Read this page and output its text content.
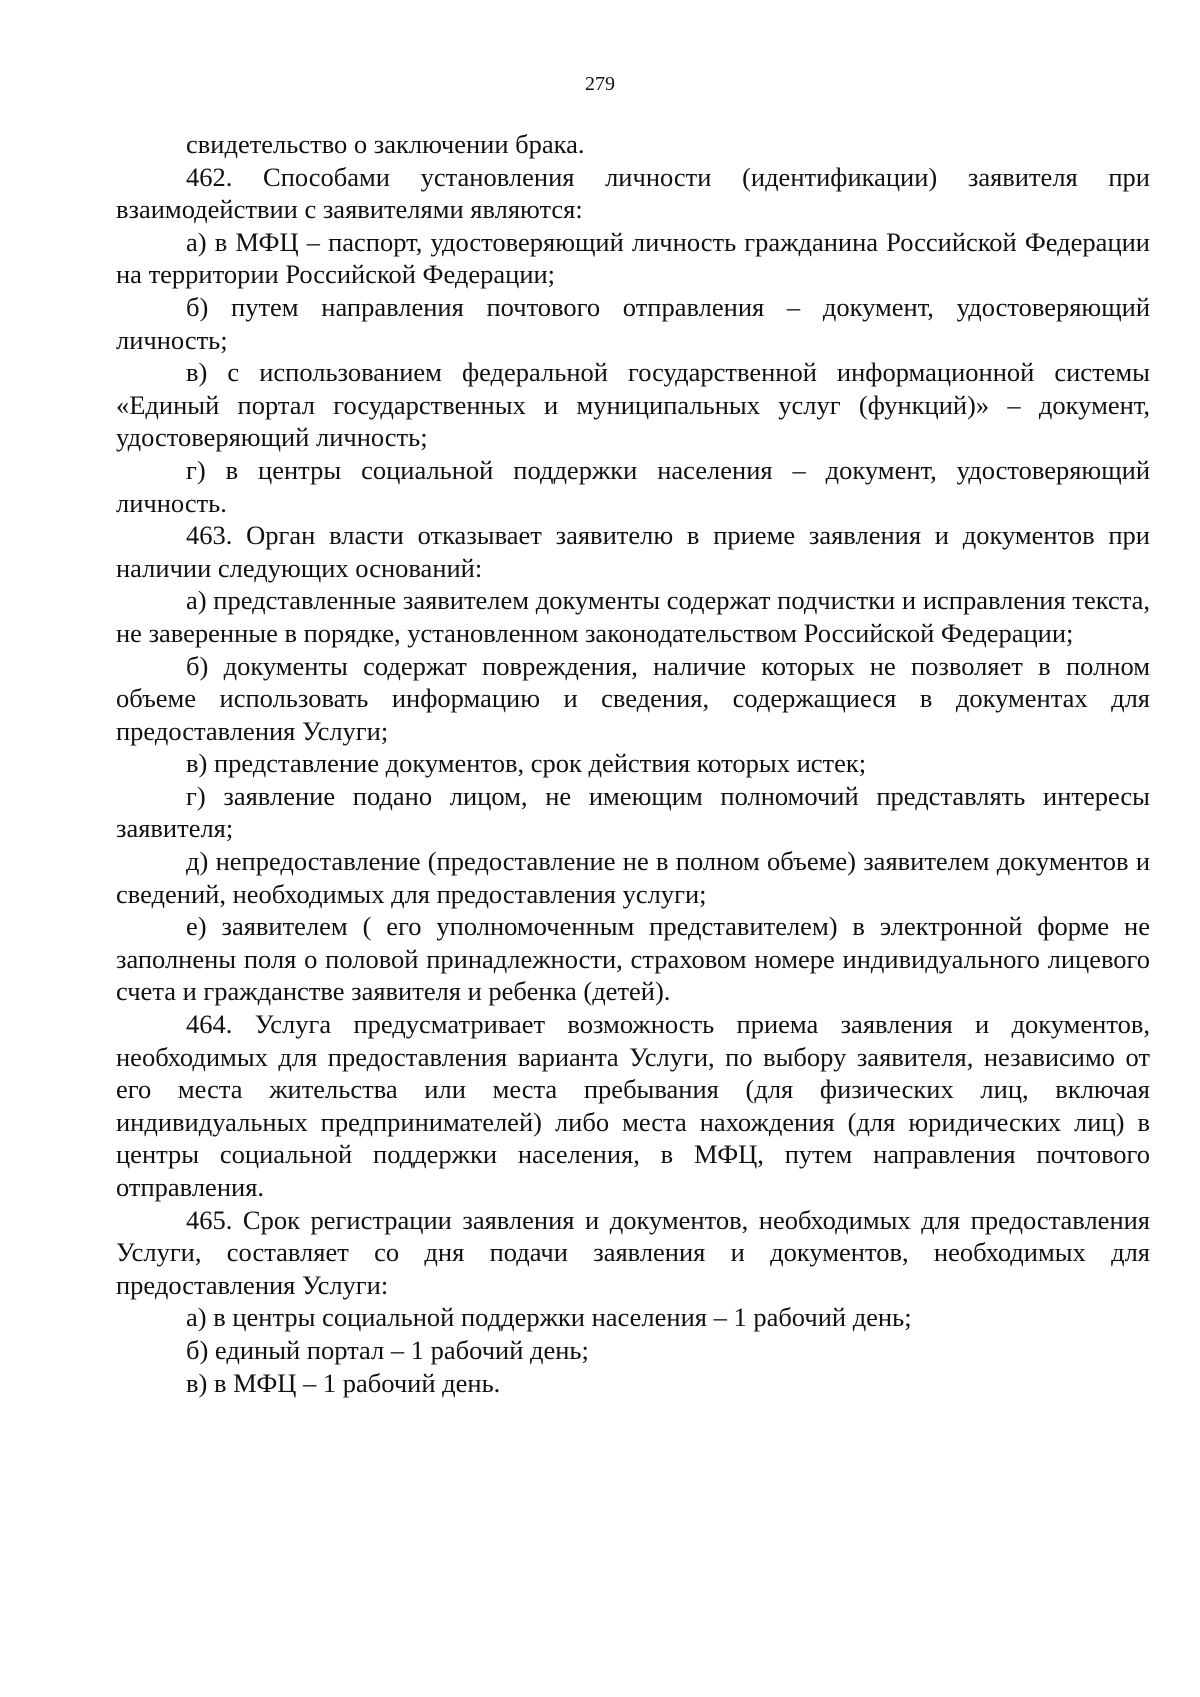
279

свидетельство о заключении брака.

462. Способами установления личности (идентификации) заявителя при взаимодействии с заявителями являются:

а) в МФЦ – паспорт, удостоверяющий личность гражданина Российской Федерации на территории Российской Федерации;

б) путем направления почтового отправления – документ, удостоверяющий личность;

в) с использованием федеральной государственной информационной системы «Единый портал государственных и муниципальных услуг (функций)» – документ, удостоверяющий личность;

г) в центры социальной поддержки населения – документ, удостоверяющий личность.

463. Орган власти отказывает заявителю в приеме заявления и документов при наличии следующих оснований:

а) представленные заявителем документы содержат подчистки и исправления текста, не заверенные в порядке, установленном законодательством Российской Федерации;

б) документы содержат повреждения, наличие которых не позволяет в полном объеме использовать информацию и сведения, содержащиеся в документах для предоставления Услуги;

в) представление документов, срок действия которых истек;

г) заявление подано лицом, не имеющим полномочий представлять интересы заявителя;

д) непредоставление (предоставление не в полном объеме) заявителем документов и сведений, необходимых для предоставления услуги;

е) заявителем ( его уполномоченным представителем) в электронной форме не заполнены поля о половой принадлежности, страховом номере индивидуального лицевого счета и гражданстве заявителя и ребенка (детей).

464. Услуга предусматривает возможность приема заявления и документов, необходимых для предоставления варианта Услуги, по выбору заявителя, независимо от его места жительства или места пребывания (для физических лиц, включая индивидуальных предпринимателей) либо места нахождения (для юридических лиц) в центры социальной поддержки населения, в МФЦ, путем направления почтового отправления.

465. Срок регистрации заявления и документов, необходимых для предоставления Услуги, составляет со дня подачи заявления и документов, необходимых для предоставления Услуги:

а) в центры социальной поддержки населения – 1 рабочий день;

б) единый портал – 1 рабочий день;

в) в МФЦ – 1 рабочий день.
